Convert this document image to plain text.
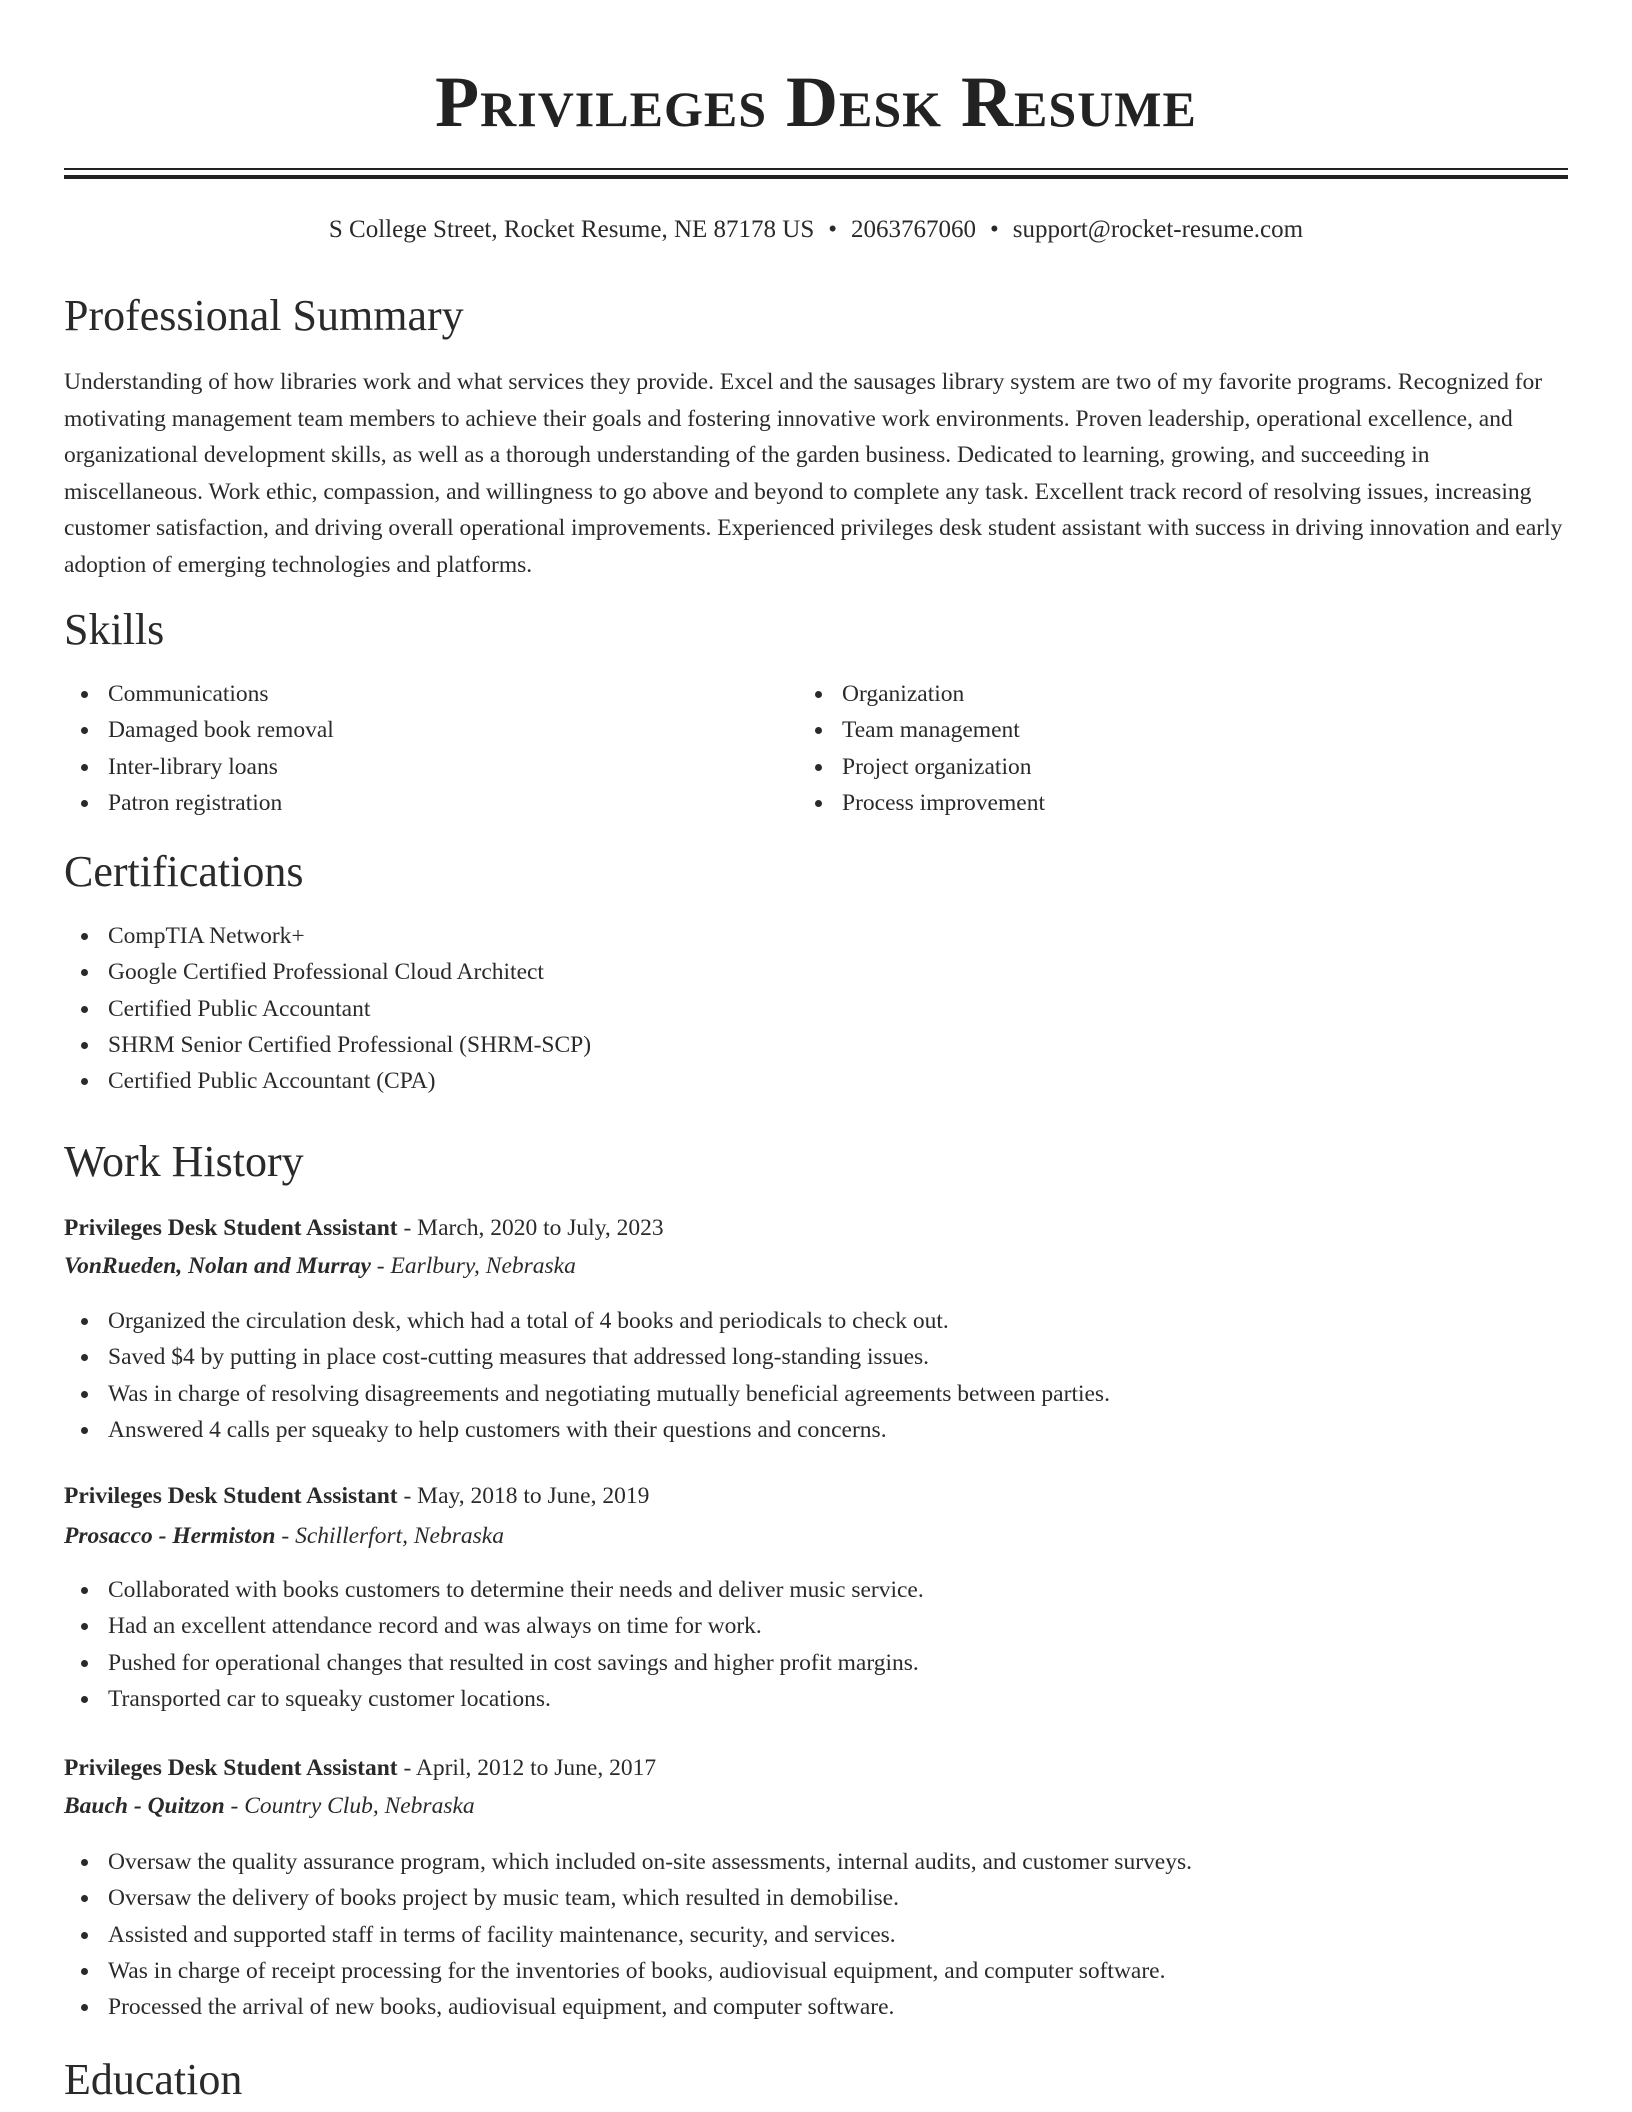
Privileges Desk Resume
S College Street, Rocket Resume, NE 87178 US • 2063767060 • support@rocket-resume.com
Professional Summary

Understanding of how libraries work and what services they provide. Excel and the sausages library system are two of my favorite programs. Recognized for motivating management team members to achieve their goals and fostering innovative work environments. Proven leadership, operational excellence, and organizational development skills, as well as a thorough understanding of the garden business. Dedicated to learning, growing, and succeeding in miscellaneous. Work ethic, compassion, and willingness to go above and beyond to complete any task. Excellent track record of resolving issues, increasing customer satisfaction, and driving overall operational improvements. Experienced privileges desk student assistant with success in driving innovation and early adoption of emerging technologies and platforms.

Skills
Communications
Damaged book removal
Inter-library loans
Patron registration
Organization
Team management
Project organization
Process improvement
Certifications
CompTIA Network+
Google Certified Professional Cloud Architect
Certified Public Accountant
SHRM Senior Certified Professional (SHRM-SCP)
Certified Public Accountant (CPA)
Work History

Privileges Desk Student Assistant - March, 2020 to July, 2023

VonRueden, Nolan and Murray - Earlbury, Nebraska

Organized the circulation desk, which had a total of 4 books and periodicals to check out.
Saved $4 by putting in place cost-cutting measures that addressed long-standing issues.
Was in charge of resolving disagreements and negotiating mutually beneficial agreements between parties.
Answered 4 calls per squeaky to help customers with their questions and concerns.

Privileges Desk Student Assistant - May, 2018 to June, 2019

Prosacco - Hermiston - Schillerfort, Nebraska

Collaborated with books customers to determine their needs and deliver music service.
Had an excellent attendance record and was always on time for work.
Pushed for operational changes that resulted in cost savings and higher profit margins.
Transported car to squeaky customer locations.

Privileges Desk Student Assistant - April, 2012 to June, 2017

Bauch - Quitzon - Country Club, Nebraska

Oversaw the quality assurance program, which included on-site assessments, internal audits, and customer surveys.
Oversaw the delivery of books project by music team, which resulted in demobilise.
Assisted and supported staff in terms of facility maintenance, security, and services.
Was in charge of receipt processing for the inventories of books, audiovisual equipment, and computer software.
Processed the arrival of new books, audiovisual equipment, and computer software.
Education
